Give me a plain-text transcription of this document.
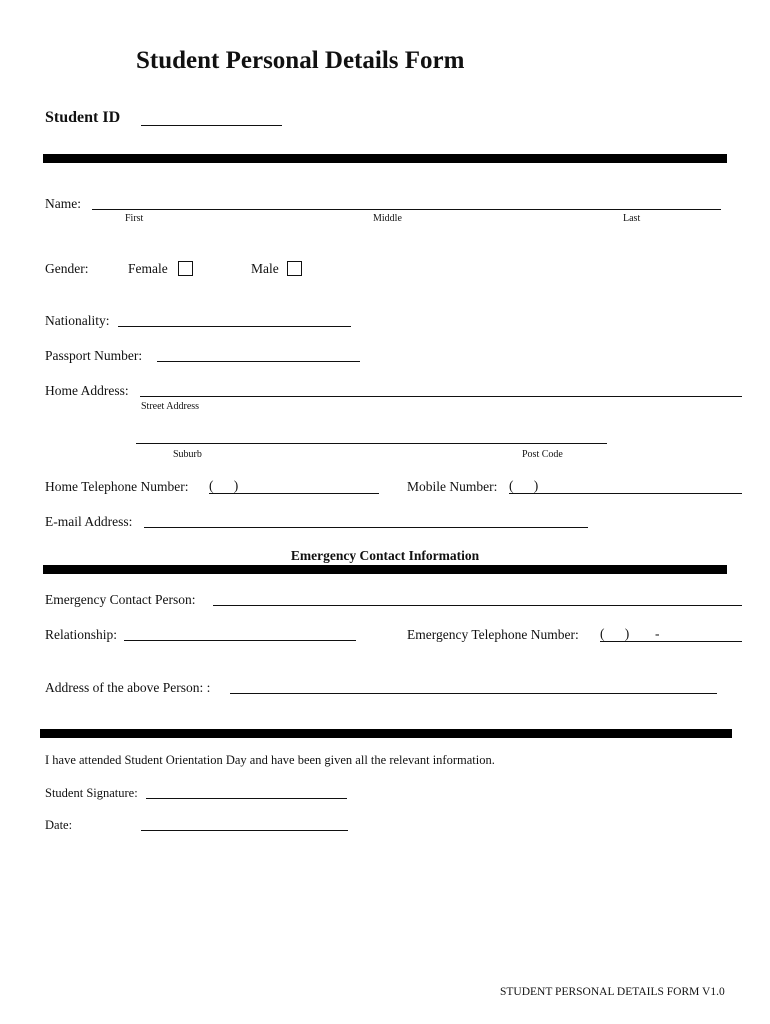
Student Personal Details Form
Student ID
Name:
First	Middle	Last
Gender:	Female	Male
Nationality:
Passport Number:
Home Address:
Street Address
Suburb	Post Code
Home Telephone Number: (      )	Mobile Number: (      )
E-mail Address:
Emergency Contact Information
Emergency Contact Person:
Relationship:	Emergency Telephone Number: (      ) -
Address of the above Person: :
I have attended Student Orientation Day and have been given all the relevant information.
Student Signature:
Date:
STUDENT PERSONAL DETAILS FORM V1.0
